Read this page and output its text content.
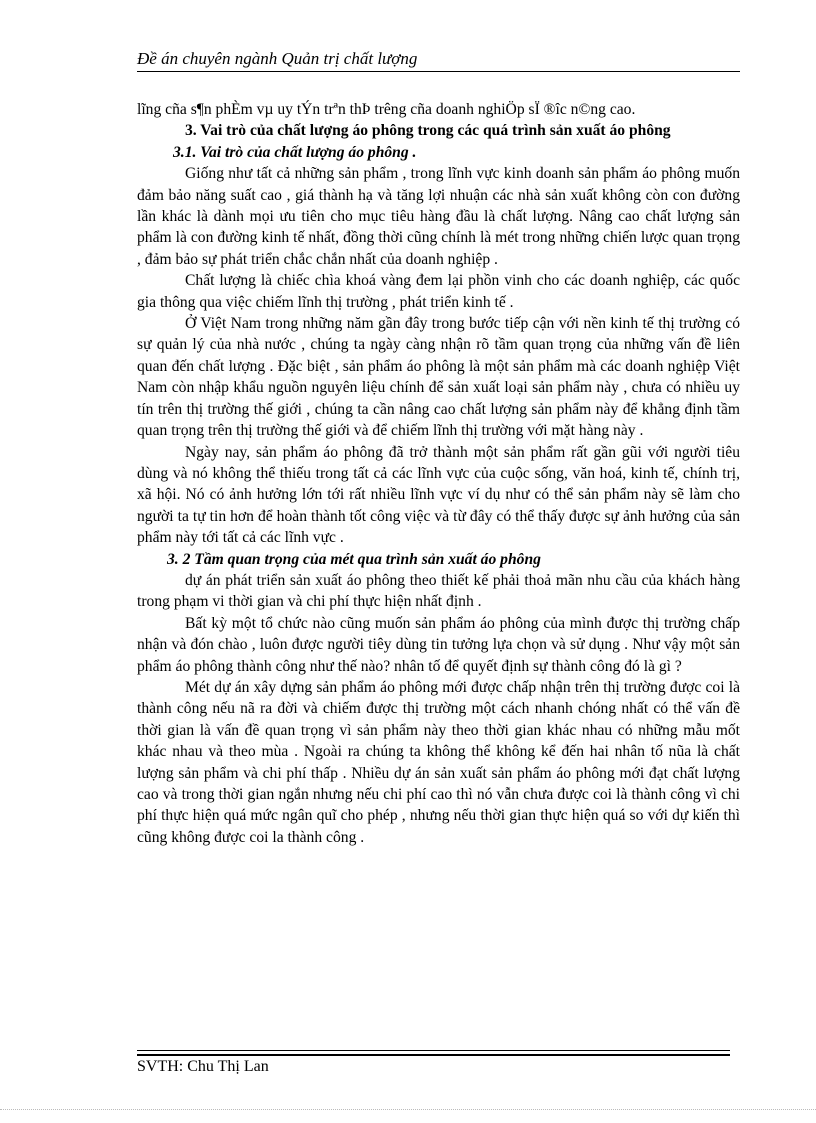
Đề án chuyên ngành Quản trị chất lượng

lĩng cña s¶n phÈm vµ uy tÝn trªn thÞ trêng cña doanh nghiÖp sÏ ®îc n©ng cao.

3. Vai trò của chất lượng áo phông trong các quá trình sản xuất áo phông

3.1. Vai trò của chất lượng áo phông .

Giống như tất cả những sản phẩm , trong lĩnh vực kinh doanh sản phẩm áo phông muốn đảm bảo năng suất cao , giá thành hạ và tăng lợi nhuận các nhà sản xuất không còn con đường lần khác là dành mọi ưu tiên cho mục tiêu hàng đầu là chất lượng. Nâng cao chất lượng sản phẩm là con đường kinh tế nhất, đồng thời cũng chính là mét trong những chiến lược quan trọng , đảm bảo sự phát triển chắc chắn nhất của doanh nghiệp .

Chất lượng là chiếc chìa khoá vàng đem lại phồn vinh cho các doanh nghiệp, các quốc gia thông qua việc chiếm lĩnh thị trường , phát triển kinh tế .

Ở Việt Nam trong những năm gần đây trong bước tiếp cận với nền kinh tế thị trường có sự quản lý của nhà nước , chúng ta ngày càng nhận rõ tầm quan trọng của những vấn đề liên quan đến chất lượng . Đặc biệt , sản phẩm áo phông là một sản phẩm mà các doanh nghiệp Việt Nam còn nhập khẩu nguồn nguyên liệu chính để sản xuất loại sản phẩm này , chưa có nhiều uy tín trên thị trường thế giới , chúng ta cần nâng cao chất lượng sản phẩm này để khẳng định tầm quan trọng trên thị trường thế giới và để chiếm lĩnh thị trường với mặt hàng này .

Ngày nay, sản phẩm áo phông đã trở thành một sản phẩm rất gần gũi với người tiêu dùng và nó không thể thiếu trong tất cả các lĩnh vực của cuộc sống, văn hoá, kinh tế, chính trị, xã hội. Nó có ảnh hưởng lớn tới rất nhiều lĩnh vực ví dụ như có thể sản phẩm này sẽ làm cho người ta tự tin hơn để hoàn thành tốt công việc và từ đây có thể thấy được sự ảnh hưởng của sản phẩm này tới tất cả các lĩnh vực .

3. 2 Tầm quan trọng của mét qua trình sản xuất áo phông

dự án phát triển sản xuất áo phông theo thiết kế phải thoả mãn nhu cầu của khách hàng trong phạm vi thời gian và chi phí thực hiện nhất định .

Bất kỳ một tổ chức nào cũng muốn sản phẩm áo phông của mình được thị trường chấp nhận và đón chào , luôn được người tiêy dùng tin tưởng lựa chọn và sử dụng . Như vậy một sản phẩm áo phông thành công như thế nào? nhân tố để quyết định sự thành công đó là gì ?

Mét dự án xây dựng sản phẩm áo phông mới được chấp nhận trên thị trường được coi là thành công nếu nã ra đời và chiếm được thị trường một cách nhanh chóng nhất có thể vấn đề thời gian là vấn đề quan trọng vì sản phẩm này theo thời gian khác nhau có những mẫu mốt khác nhau và theo mùa . Ngoài ra chúng ta không thể không kể đến hai nhân tố nũa là chất lượng sản phẩm và chi phí thấp . Nhiều dự án sản xuất sản phẩm áo phông mới đạt chất lượng cao và trong thời gian ngắn nhưng nếu chi phí cao thì nó vẫn chưa được coi là thành công vì chi phí thực hiện quá mức ngân quĩ cho phép , nhưng nếu thời gian thực hiện quá so với dự kiến thì cũng không được coi la thành công .

SVTH: Chu Thị Lan
